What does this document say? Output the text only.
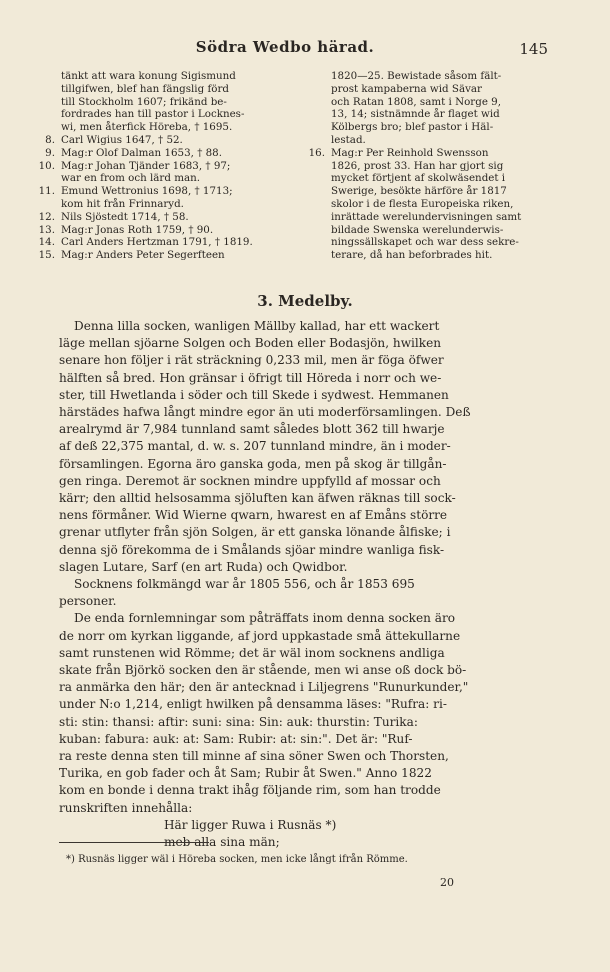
Södra Wedbo härad.	145
tänkt att wara konung Sigismund
tillgifwen, blef han fängslig förd
till Stockholm 1607; frikänd be-
fordrades han till pastor i Locknes-
wi, men återfick Höreba, † 1695.
8. Carl Wigius 1647, † 52.
9. Mag:r Olof Dalman 1653, † 88.
10. Mag:r Johan Tjänder 1683, † 97;
war en from och lärd man.
11. Emund Wettronius 1698, † 1713;
kom hit från Frinnaryd.
12. Nils Sjöstedt 1714, † 58.
13. Mag:r Jonas Roth 1759, † 90.
14. Carl Anders Hertzman 1791, † 1819.
15. Mag:r Anders Peter Segerfteen
1820—25. Bewistade såsom fält-
prost kampaberna wid Sävar
och Ratan 1808, samt i Norge 9,
13, 14; sistnämnde år flaget wid
Kölbergs bro; blef pastor i Häl-
lestad.
16. Mag:r Per Reinhold Swensson
1826, prost 33. Han har gjort sig
mycket förtjent af skolwäsendet i
Swerige, besökte härföre år 1817
skolor i de flesta Europeiska riken,
inrättade werelundervisningen samt
bildade Swenska werelunderwis-
ningssällskapet och war dess sekre-
terare, då han beforbrades hit.
3. Medelby.
Denna lilla socken, wanligen Mällby kallad, har ett wackert
läge mellan sjöarne Solgen och Boden eller Bodasjön, hwilken
senare hon följer i rät sträckning 0,233 mil, men är föga öfwer
hälften så bred. Hon gränsar i öfrigt till Höreda i norr och we-
ster, till Hwetlanda i söder och till Skede i sydwest. Hemmanen
härstädes hafwa långt mindre egor än uti moderförsamlingen. Deß
arealrymd är 7,984 tunnland samt således blott 362 till hwarje
af deß 22,375 mantal, d. w. s. 207 tunnland mindre, än i moder-
församlingen. Egorna äro ganska goda, men på skog är tillgån-
gen ringa. Deremot är socknen mindre uppfylld af mossar och
kärr; den alltid helsosamma sjöluften kan äfwen räknas till sock-
nens förmåner. Wid Wierne qwarn, hwarest en af Emåns större
grenar utflyter från sjön Solgen, är ett ganska lönande ålfiske; i
denna sjö förekomma de i Smålands sjöar mindre wanliga fisk-
slagen Lutare, Sarf (en art Ruda) och Qwidbor.
Socknens folkmängd war år 1805 556, och år 1853 695
personer.
De enda fornlemningar som påträffats inom denna socken äro
de norr om kyrkan liggande, af jord uppkastade små ättekullarne
samt runstenen wid Römme; det är wäl inom socknens andliga
skate från Björkö socken den är stående, men wi anse oß dock bö-
ra anmärka den här; den är antecknad i Liljegrens "Runurkunder,"
under N:o 1,214, enligt hwilken på densamma läses: "Rufra: ri-
sti: stin: thansi: aftir: suni: sina: Sin: auk: thurstin: Turika:
kuban: fabura: auk: at: Sam: Rubir: at: sin:". Det är: "Ruf-
ra reste denna sten till minne af sina söner Swen och Thorsten,
Turika, en gob fader och åt Sam; Rubir åt Swen." Anno 1822
kom en bonde i denna trakt ihåg följande rim, som han trodde
runskriften innehålla:
Här ligger Ruwa i Rusnäs *)
meb alla sina män;
*) Rusnäs ligger wäl i Höreba socken, men icke långt ifrån Römme.
20
